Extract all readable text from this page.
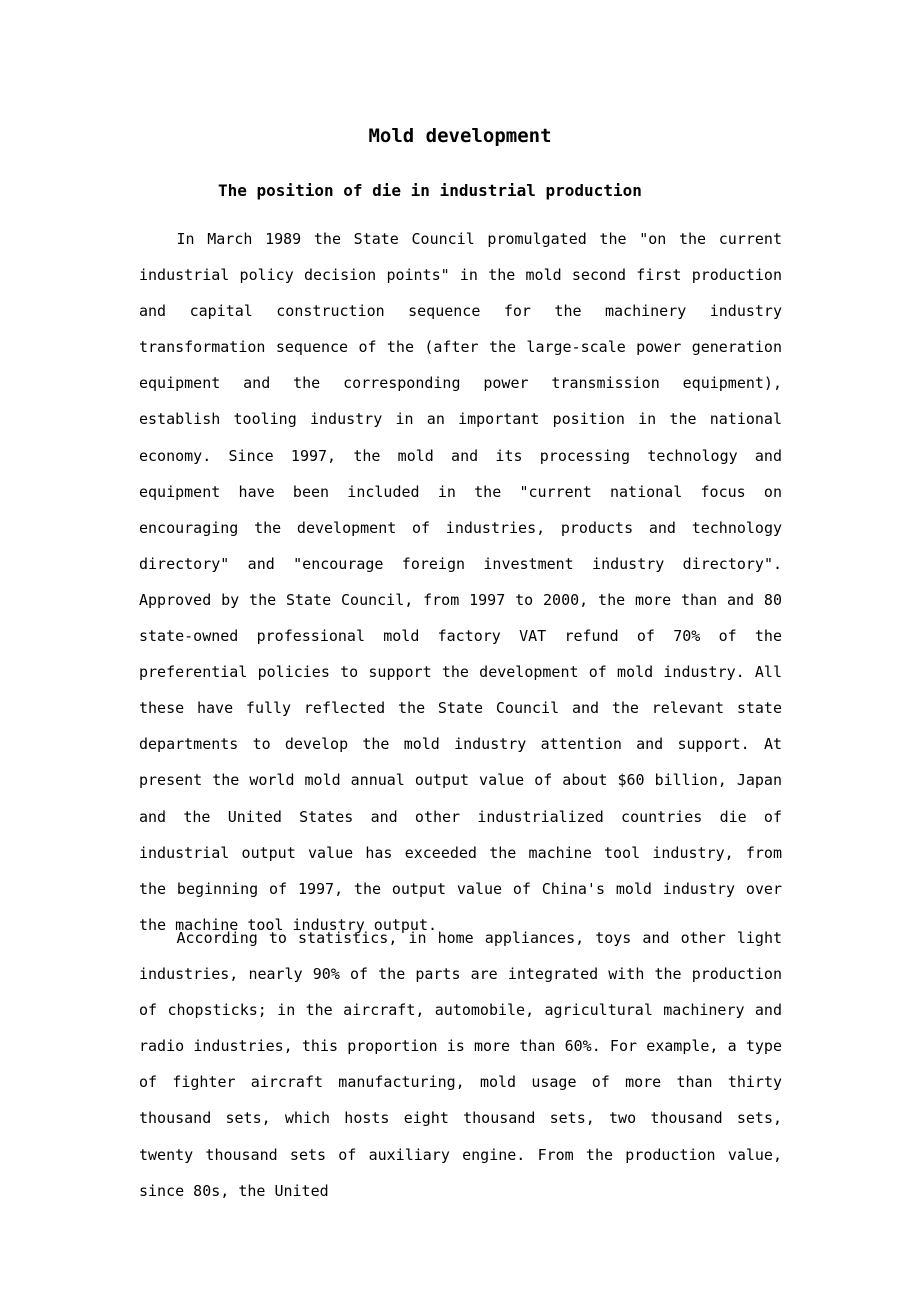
Mold development
The position of die in industrial production

In March 1989 the State Council promulgated the "on the current industrial policy decision points" in the mold second first production and capital construction sequence for the machinery industry transformation sequence of the (after the large-scale power generation equipment and the corresponding power transmission equipment), establish tooling industry in an important position in the national economy. Since 1997, the mold and its processing technology and equipment have been included in the "current national focus on encouraging the development of industries, products and technology directory" and "encourage foreign investment industry directory". Approved by the State Council, from 1997 to 2000, the more than and 80 state-owned professional mold factory VAT refund of 70% of the preferential policies to support the development of mold industry. All these have fully reflected the State Council and the relevant state departments to develop the mold industry attention and support. At present the world mold annual output value of about $60 billion, Japan and the United States and other industrialized countries die of industrial output value has exceeded the machine tool industry, from the beginning of 1997, the output value of China's mold industry over the machine tool industry output.

According to statistics, in home appliances, toys and other light industries, nearly 90% of the parts are integrated with the production of chopsticks; in the aircraft, automobile, agricultural machinery and radio industries, this proportion is more than 60%. For example, a type of fighter aircraft manufacturing, mold usage of more than thirty thousand sets, which hosts eight thousand sets, two thousand sets, twenty thousand sets of auxiliary engine. From the production value, since 80s, the United
